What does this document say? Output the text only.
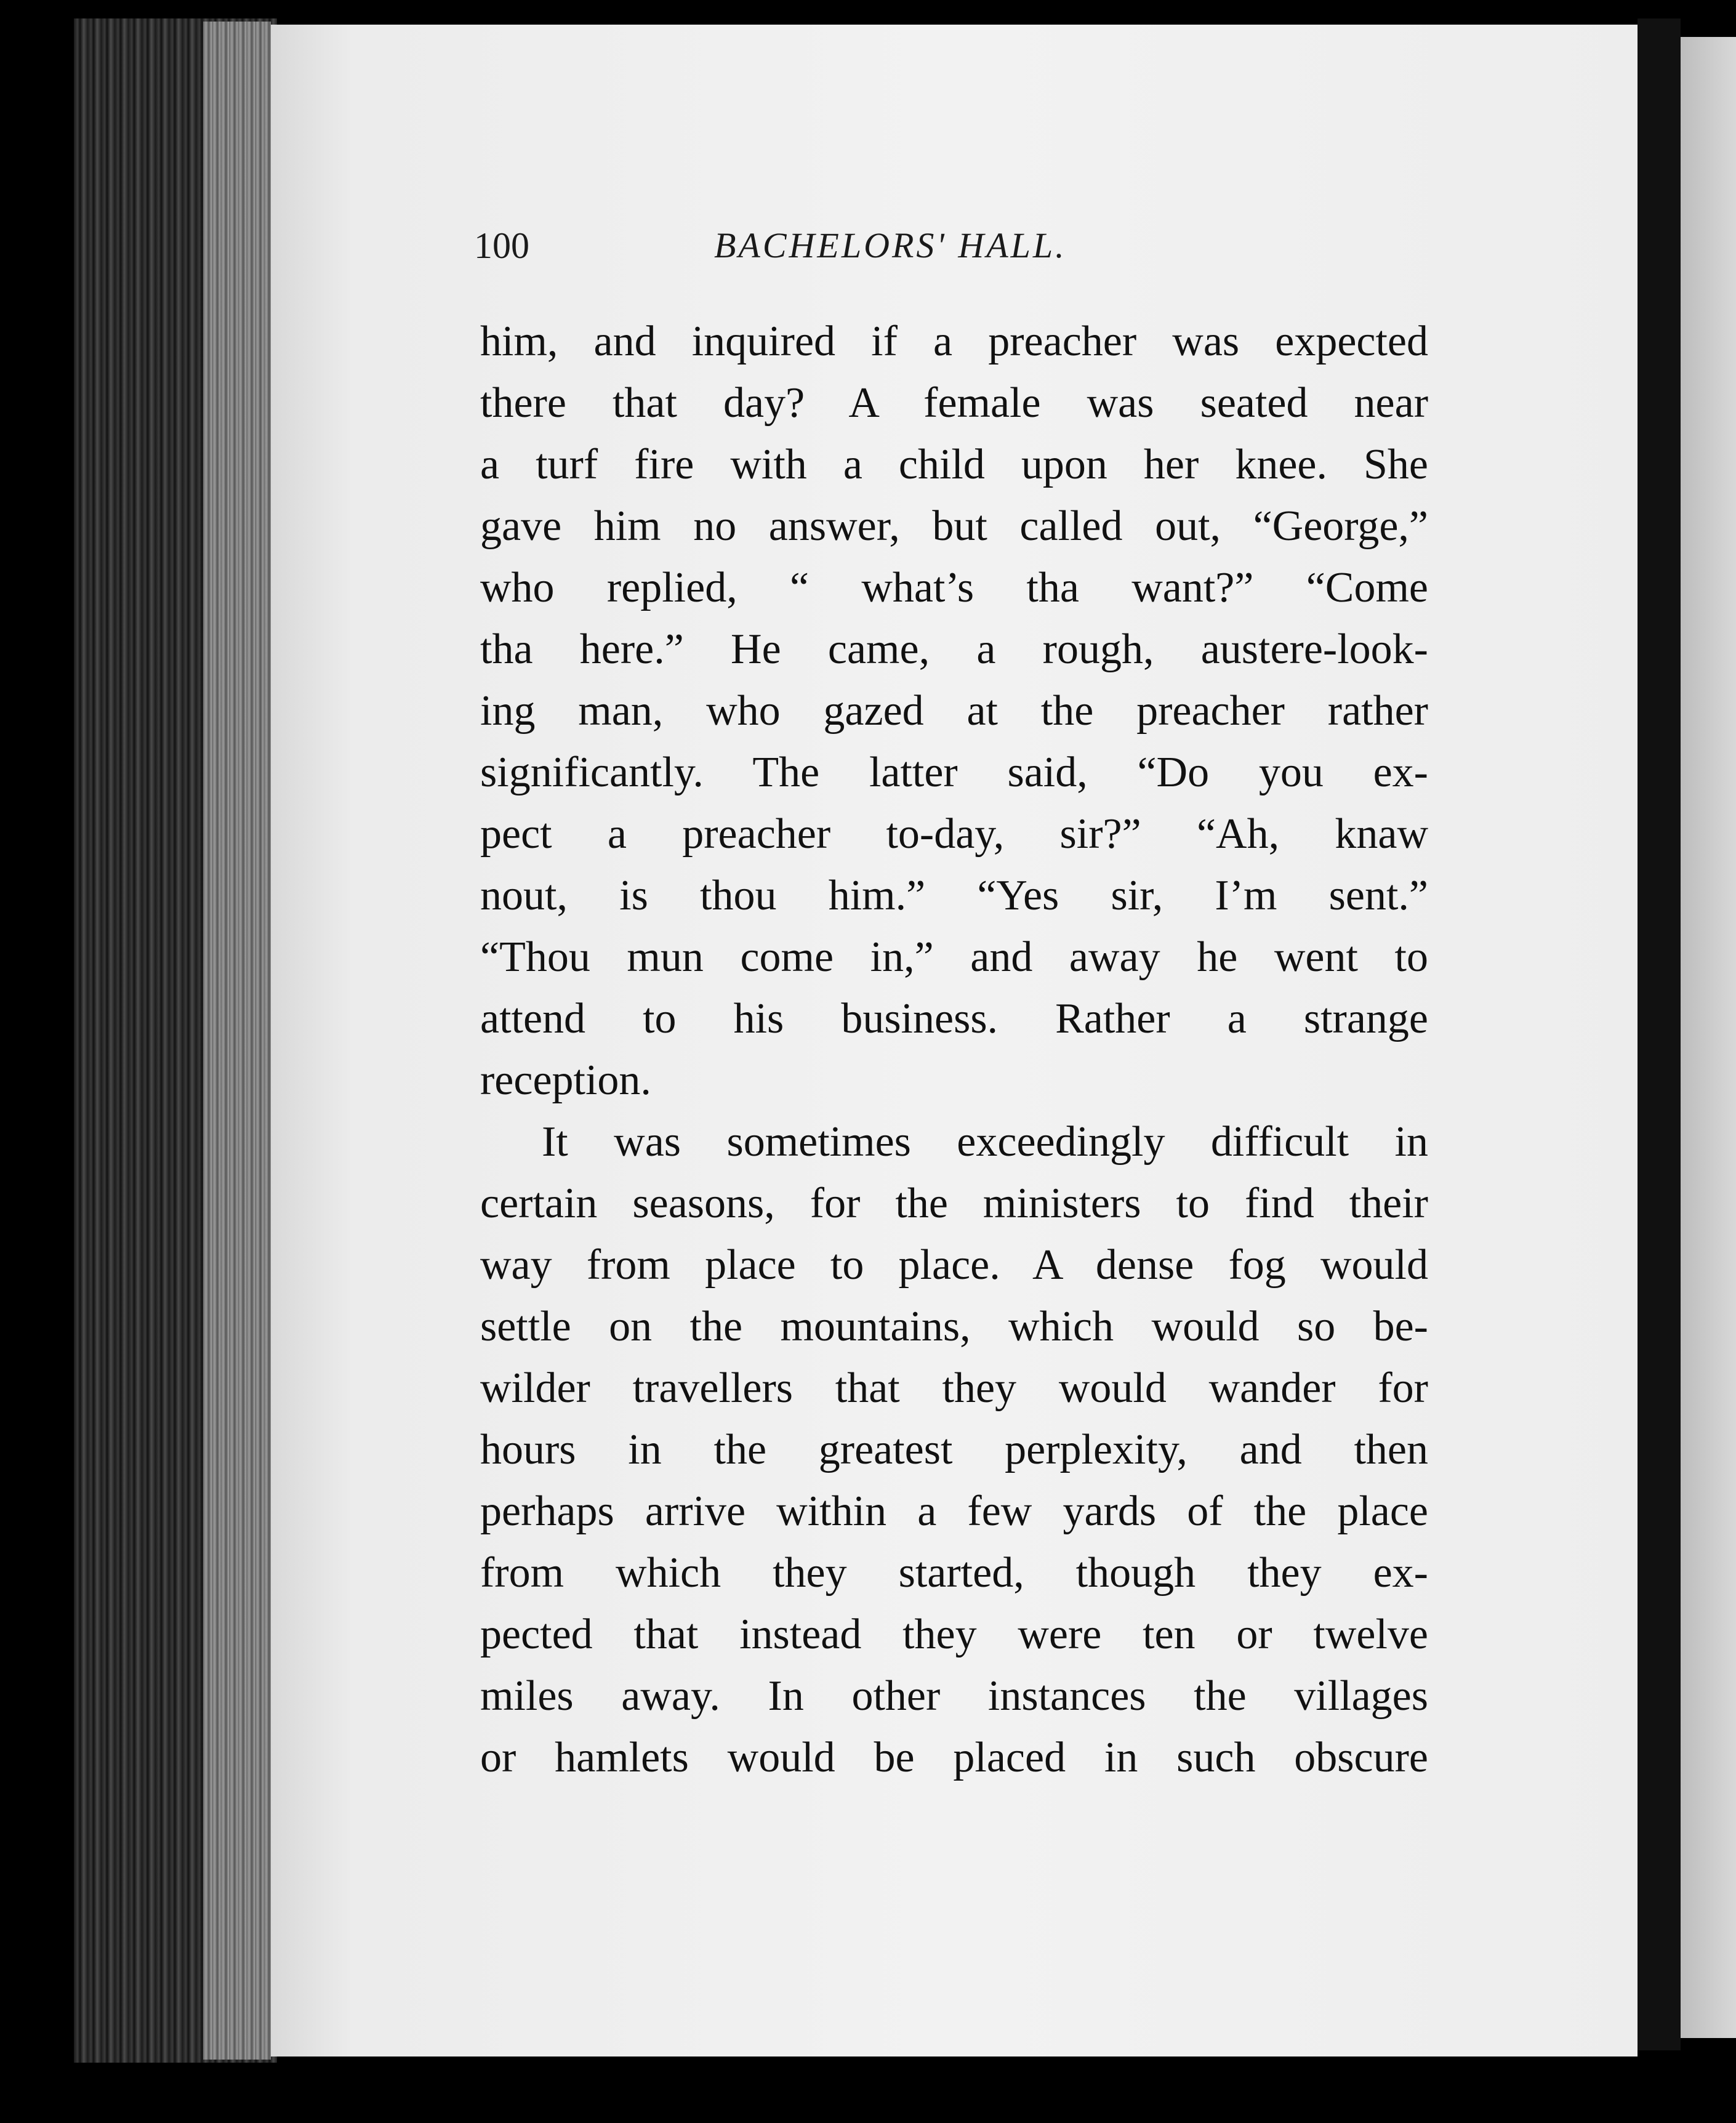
100	BACHELORS' HALL.
him, and inquired if a preacher was expected
there that day? A female was seated near
a turf fire with a child upon her knee. She
gave him no answer, but called out, “George,”
who replied, “ what’s tha want?” “Come
tha here.” He came, a rough, austere-look-
ing man, who gazed at the preacher rather
significantly. The latter said, “Do you ex-
pect a preacher to-day, sir?” “Ah, knaw
nout, is thou him.” “Yes sir, I’m sent.”
“Thou mun come in,” and away he went to
attend to his business. Rather a strange
reception.
It was sometimes exceedingly difficult in
certain seasons, for the ministers to find their
way from place to place. A dense fog would
settle on the mountains, which would so be-
wilder travellers that they would wander for
hours in the greatest perplexity, and then
perhaps arrive within a few yards of the place
from which they started, though they ex-
pected that instead they were ten or twelve
miles away. In other instances the villages
or hamlets would be placed in such obscure
